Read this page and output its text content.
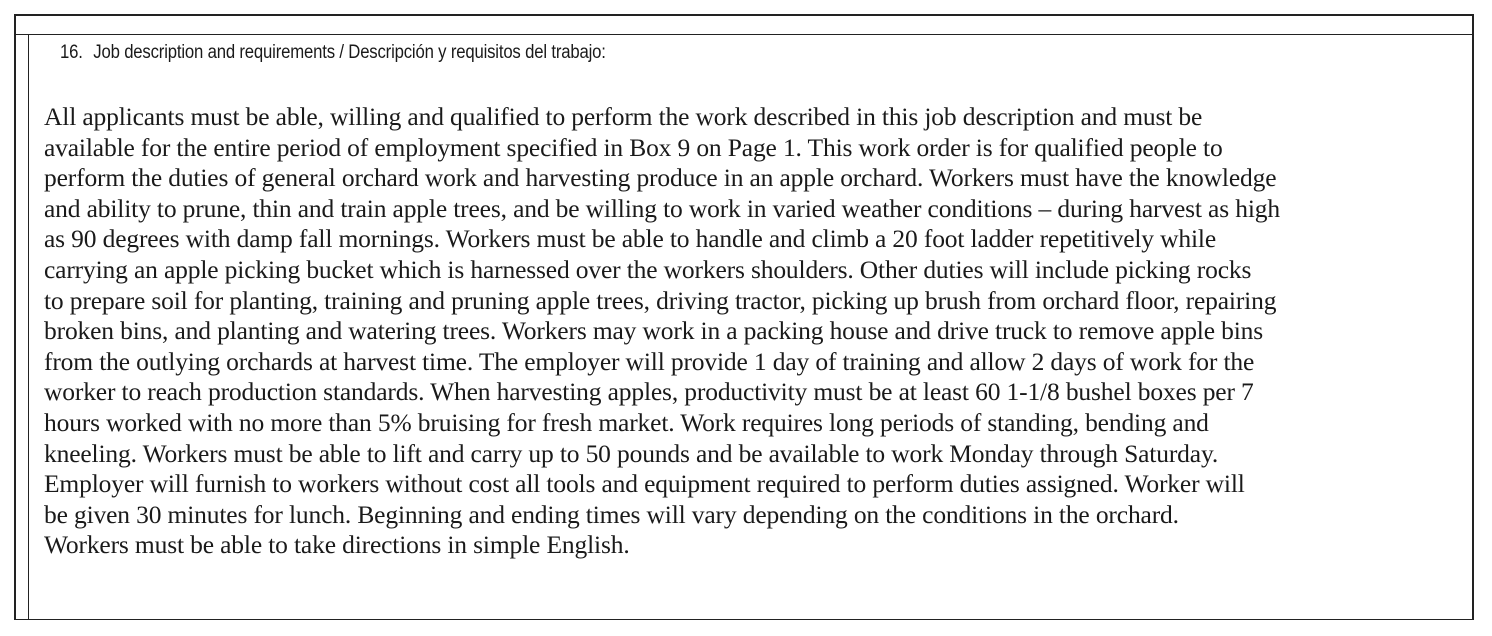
16. Job description and requirements / Descripción y requisitos del trabajo:
All applicants must be able, willing and qualified to perform the work described in this job description and must be
available for the entire period of employment specified in Box 9 on Page 1. This work order is for qualified people to
perform the duties of general orchard work and harvesting produce in an apple orchard. Workers must have the knowledge
and ability to prune, thin and train apple trees, and be willing to work in varied weather conditions – during harvest as high
as 90 degrees with damp fall mornings. Workers must be able to handle and climb a 20 foot ladder repetitively while
carrying an apple picking bucket which is harnessed over the workers shoulders. Other duties will include picking rocks
to prepare soil for planting, training and pruning apple trees, driving tractor, picking up brush from orchard floor, repairing
broken bins, and planting and watering trees. Workers may work in a packing house and drive truck to remove apple bins
from the outlying orchards at harvest time. The employer will provide 1 day of training and allow 2 days of work for the
worker to reach production standards. When harvesting apples, productivity must be at least 60 1-1/8 bushel boxes per 7
hours worked with no more than 5% bruising for fresh market. Work requires long periods of standing, bending and
kneeling. Workers must be able to lift and carry up to 50 pounds and be available to work Monday through Saturday.
Employer will furnish to workers without cost all tools and equipment required to perform duties assigned. Worker will
be given 30 minutes for lunch. Beginning and ending times will vary depending on the conditions in the orchard.
Workers must be able to take directions in simple English.
